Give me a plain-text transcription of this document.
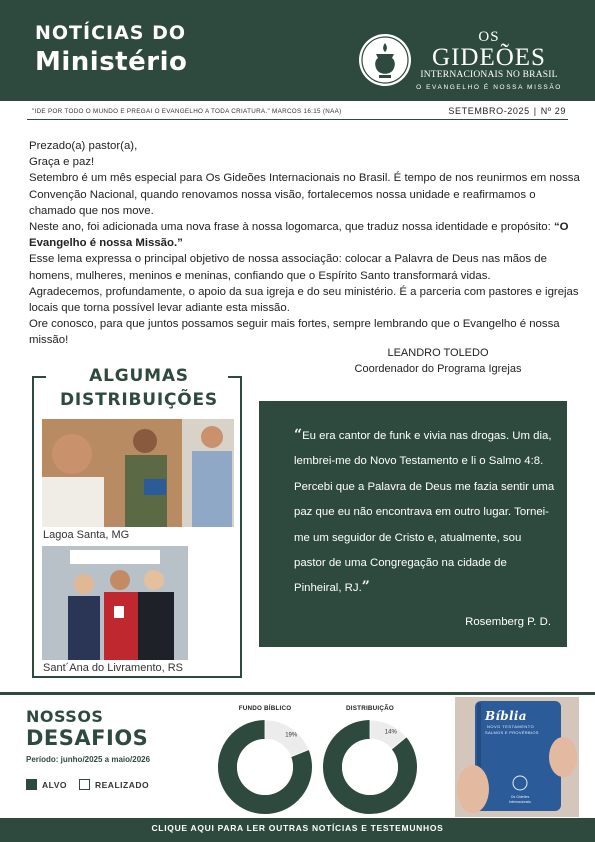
NOTÍCIAS DO
Ministério
OS
GIDEÕES
INTERNACIONAIS NO BRASIL
O EVANGELHO É NOSSA MISSÃO
"IDE POR TODO O MUNDO E PREGAI O EVANGELHO A TODA CRIATURA." MARCOS 16:15 (NAA)	SETEMBRO-2025 | Nº 29

Prezado(a) pastor(a),

Graça e paz!

Setembro é um mês especial para Os Gideões Internacionais no Brasil. É tempo de nos reunirmos em nossa Convenção Nacional, quando renovamos nossa visão, fortalecemos nossa unidade e reafirmamos o chamado que nos move.

Neste ano, foi adicionada uma nova frase à nossa logomarca, que traduz nossa identidade e propósito: “O Evangelho é nossa Missão.”

Esse lema expressa o principal objetivo de nossa associação: colocar a Palavra de Deus nas mãos de homens, mulheres, meninos e meninas, confiando que o Espírito Santo transformará vidas.

Agradecemos, profundamente, o apoio da sua igreja e do seu ministério. É a parceria com pastores e igrejas locais que torna possível levar adiante esta missão.

Ore conosco, para que juntos possamos seguir mais fortes, sempre lembrando que o Evangelho é nossa missão!

LEANDRO TOLEDO
Coordenador do Programa Igrejas
ALGUMAS
DISTRIBUIÇÕES
Lagoa Santa, MG
Sant´Ana do Livramento, RS
“Eu era cantor de funk e vivia nas drogas. Um dia, lembrei-me do Novo Testamento e li o Salmo 4:8. Percebi que a Palavra de Deus me fazia sentir uma paz que eu não encontrava em outro lugar. Tornei-me um seguidor de Cristo e, atualmente, sou pastor de uma Congregação na cidade de Pinheiral, RJ.”
Rosemberg P. D.
NOSSOS
DESAFIOS
Período: junho/2025 a maio/2026
ALVO	REALIZADO
FUNDO BÍBLICO
19%
DISTRIBUIÇÃO
14%
Bíblia
NOVO TESTAMENTO
SALMOS E PROVÉRBIOS
Os Gideões Internacionais
CLIQUE AQUI PARA LER OUTRAS NOTÍCIAS E TESTEMUNHOS
